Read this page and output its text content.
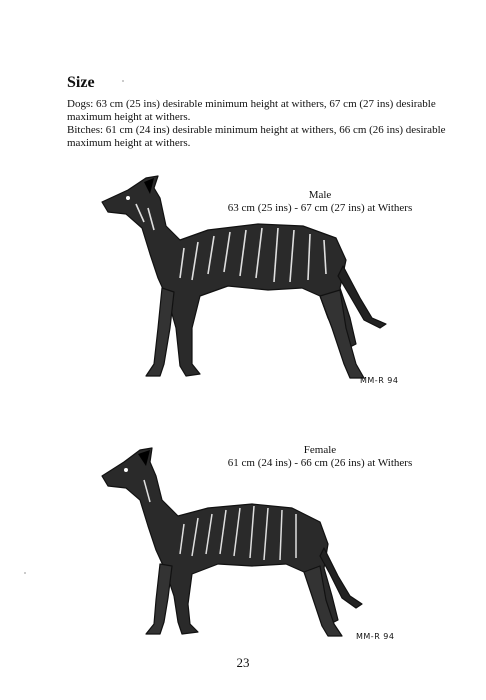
Size
Dogs: 63 cm (25 ins) desirable minimum height at withers, 67 cm (27 ins) desirable maximum height at withers.
Bitches: 61 cm (24 ins) desirable minimum height at withers, 66 cm (26 ins) desirable maximum height at withers.
Male
63 cm (25 ins) - 67 cm (27 ins) at Withers
MM-R 94
Female
61 cm (24 ins) - 66 cm (26 ins) at Withers
MM-R 94
23
